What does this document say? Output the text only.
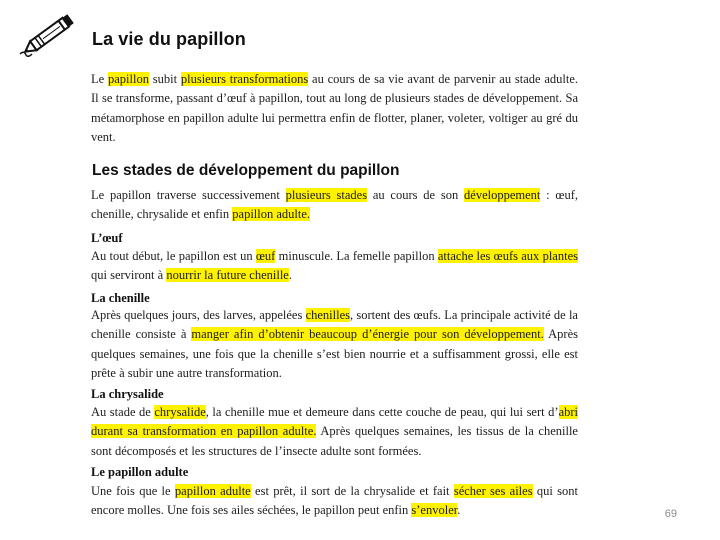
La vie du papillon

Le papillon subit plusieurs transformations au cours de sa vie avant de parvenir au stade adulte. Il se transforme, passant d’œuf à papillon, tout au long de plusieurs stades de développement. Sa métamorphose en papillon adulte lui permettra enfin de flotter, planer, voleter, voltiger au gré du vent.

Les stades de développement du papillon

Le papillon traverse successivement plusieurs stades au cours de son développement : œuf, chenille, chrysalide et enfin papillon adulte.

L’œuf

Au tout début, le papillon est un œuf minuscule. La femelle papillon attache les œufs aux plantes qui serviront à nourrir la future chenille.

La chenille

Après quelques jours, des larves, appelées chenilles, sortent des œufs. La principale activité de la chenille consiste à manger afin d’obtenir beaucoup d’énergie pour son développement. Après quelques semaines, une fois que la chenille s’est bien nourrie et a suffisamment grossi, elle est prête à subir une autre transformation.

La chrysalide

Au stade de chrysalide, la chenille mue et demeure dans cette couche de peau, qui lui sert d’abri durant sa transformation en papillon adulte. Après quelques semaines, les tissus de la chenille sont décomposés et les structures de l’insecte adulte sont formées.

Le papillon adulte

Une fois que le papillon adulte est prêt, il sort de la chrysalide et fait sécher ses ailes qui sont encore molles. Une fois ses ailes séchées, le papillon peut enfin s’envoler.	69
